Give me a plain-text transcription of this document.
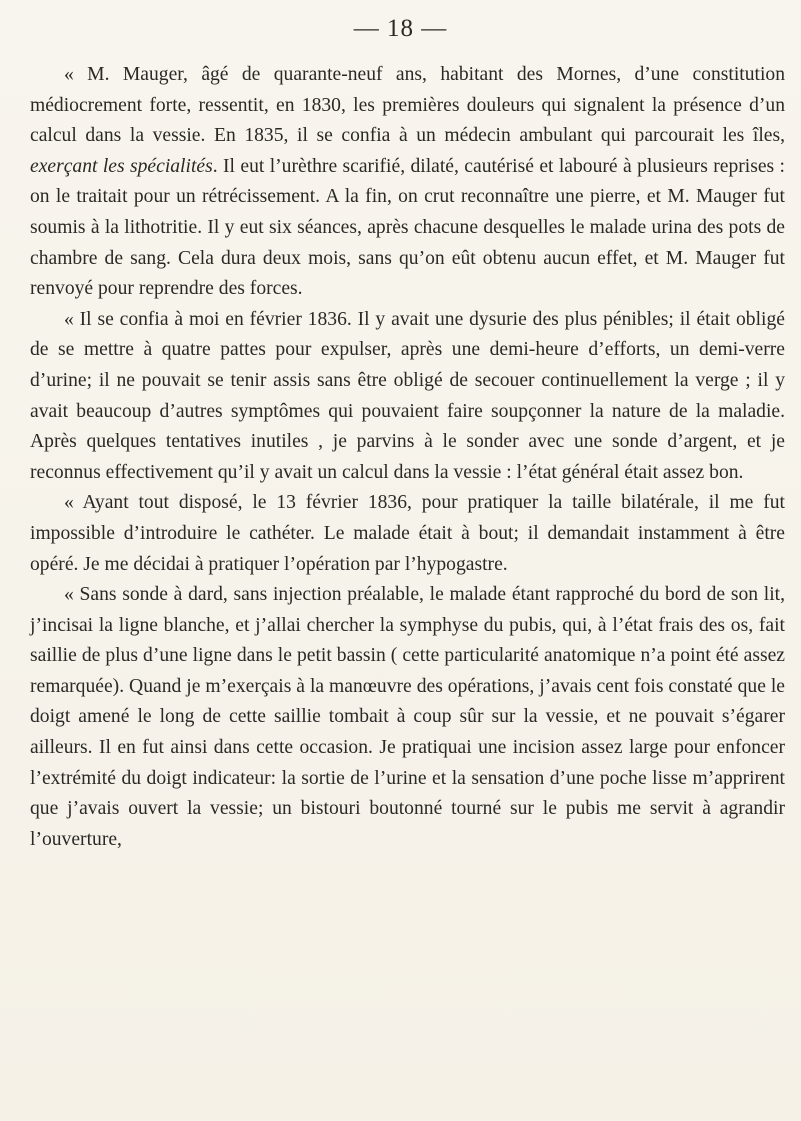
— 18 —

« M. Mauger, âgé de quarante-neuf ans, habitant des Mornes, d’une constitution médiocrement forte, ressentit, en 1830, les premières douleurs qui signalent la présence d’un calcul dans la vessie. En 1835, il se confia à un médecin ambulant qui parcourait les îles, exerçant les spécialités. Il eut l’urèthre scarifié, dilaté, cautérisé et labouré à plusieurs reprises : on le traitait pour un rétrécissement. A la fin, on crut reconnaître une pierre, et M. Mauger fut soumis à la lithotritie. Il y eut six séances, après chacune desquelles le malade urina des pots de chambre de sang. Cela dura deux mois, sans qu’on eût obtenu aucun effet, et M. Mauger fut renvoyé pour reprendre des forces.

« Il se confia à moi en février 1836. Il y avait une dysurie des plus pénibles; il était obligé de se mettre à quatre pattes pour expulser, après une demi-heure d’efforts, un demi-verre d’urine; il ne pouvait se tenir assis sans être obligé de secouer continuellement la verge ; il y avait beaucoup d’autres symptômes qui pouvaient faire soupçonner la nature de la maladie. Après quelques tentatives inutiles , je parvins à le sonder avec une sonde d’argent, et je reconnus effectivement qu’il y avait un calcul dans la vessie : l’état général était assez bon.

« Ayant tout disposé, le 13 février 1836, pour pratiquer la taille bilatérale, il me fut impossible d’introduire le cathéter. Le malade était à bout; il demandait instamment à être opéré. Je me décidai à pratiquer l’opération par l’hypogastre.

« Sans sonde à dard, sans injection préalable, le malade étant rapproché du bord de son lit, j’incisai la ligne blanche, et j’allai chercher la symphyse du pubis, qui, à l’état frais des os, fait saillie de plus d’une ligne dans le petit bassin ( cette particularité anatomique n’a point été assez remarquée). Quand je m’exerçais à la manœuvre des opérations, j’avais cent fois constaté que le doigt amené le long de cette saillie tombait à coup sûr sur la vessie, et ne pouvait s’égarer ailleurs. Il en fut ainsi dans cette occasion. Je pratiquai une incision assez large pour enfoncer l’extrémité du doigt indicateur: la sortie de l’urine et la sensation d’une poche lisse m’apprirent que j’avais ouvert la vessie; un bistouri boutonné tourné sur le pubis me servit à agrandir l’ouverture,
